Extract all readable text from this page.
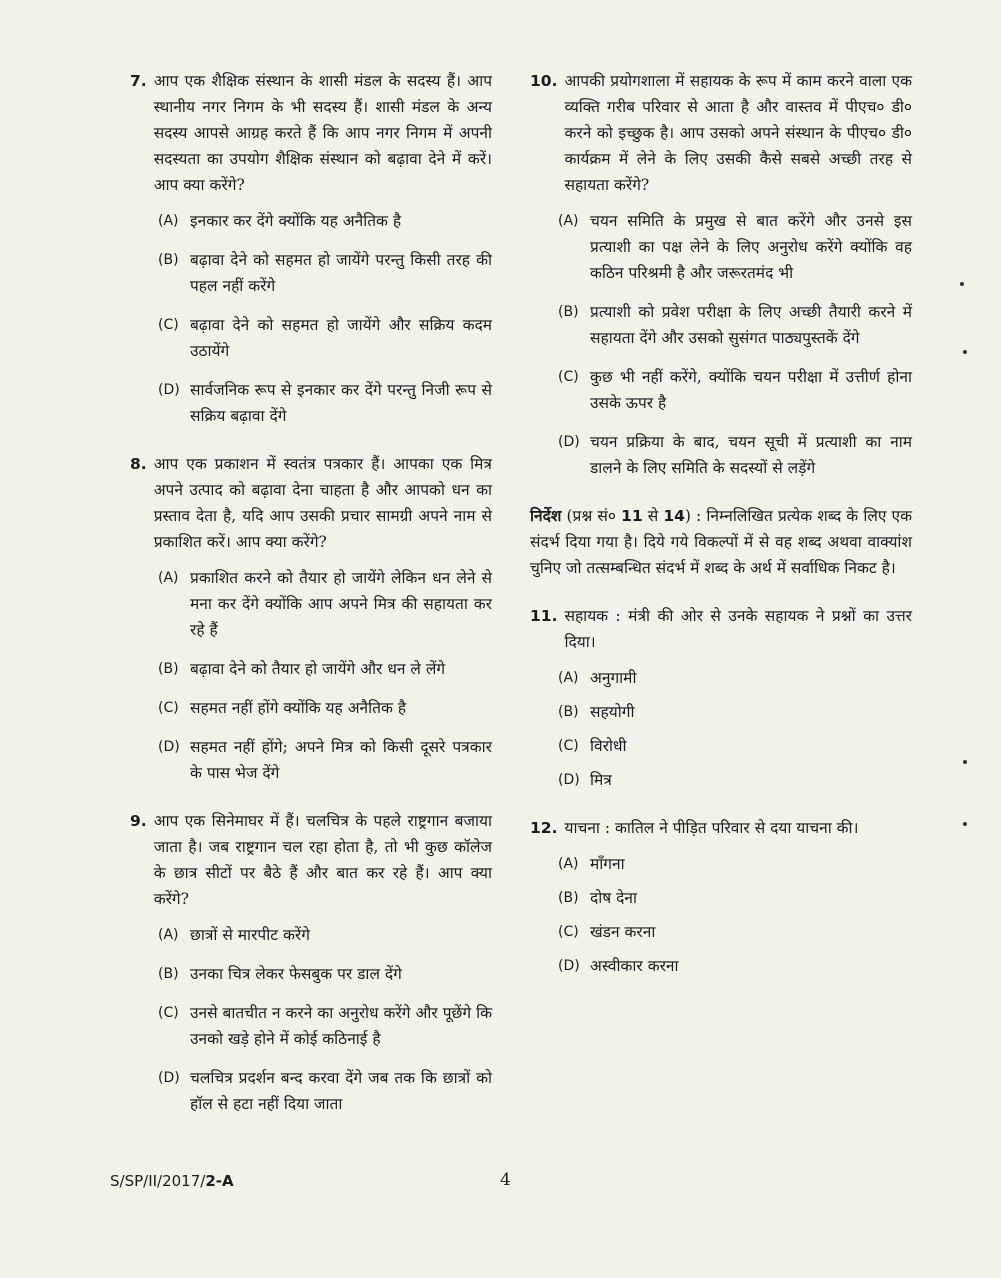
7. आप एक शैक्षिक संस्थान के शासी मंडल के सदस्य हैं। आप स्थानीय नगर निगम के भी सदस्य हैं। शासी मंडल के अन्य सदस्य आपसे आग्रह करते हैं कि आप नगर निगम में अपनी सदस्यता का उपयोग शैक्षिक संस्थान को बढ़ावा देने में करें। आप क्या करेंगे?
(A) इनकार कर देंगे क्योंकि यह अनैतिक है
(B) बढ़ावा देने को सहमत हो जायेंगे परन्तु किसी तरह की पहल नहीं करेंगे
(C) बढ़ावा देने को सहमत हो जायेंगे और सक्रिय कदम उठायेंगे
(D) सार्वजनिक रूप से इनकार कर देंगे परन्तु निजी रूप से सक्रिय बढ़ावा देंगे
8. आप एक प्रकाशन में स्वतंत्र पत्रकार हैं। आपका एक मित्र अपने उत्पाद को बढ़ावा देना चाहता है और आपको धन का प्रस्ताव देता है, यदि आप उसकी प्रचार सामग्री अपने नाम से प्रकाशित करें। आप क्या करेंगे?
(A) प्रकाशित करने को तैयार हो जायेंगे लेकिन धन लेने से मना कर देंगे क्योंकि आप अपने मित्र की सहायता कर रहे हैं
(B) बढ़ावा देने को तैयार हो जायेंगे और धन ले लेंगे
(C) सहमत नहीं होंगे क्योंकि यह अनैतिक है
(D) सहमत नहीं होंगे; अपने मित्र को किसी दूसरे पत्रकार के पास भेज देंगे
9. आप एक सिनेमाघर में हैं। चलचित्र के पहले राष्ट्रगान बजाया जाता है। जब राष्ट्रगान चल रहा होता है, तो भी कुछ कॉलेज के छात्र सीटों पर बैठे हैं और बात कर रहे हैं। आप क्या करेंगे?
(A) छात्रों से मारपीट करेंगे
(B) उनका चित्र लेकर फेसबुक पर डाल देंगे
(C) उनसे बातचीत न करने का अनुरोध करेंगे और पूछेंगे कि उनको खड़े होने में कोई कठिनाई है
(D) चलचित्र प्रदर्शन बन्द करवा देंगे जब तक कि छात्रों को हॉल से हटा नहीं दिया जाता
10. आपकी प्रयोगशाला में सहायक के रूप में काम करने वाला एक व्यक्ति गरीब परिवार से आता है और वास्तव में पीएच० डी० करने को इच्छुक है। आप उसको अपने संस्थान के पीएच० डी० कार्यक्रम में लेने के लिए उसकी कैसे सबसे अच्छी तरह से सहायता करेंगे?
(A) चयन समिति के प्रमुख से बात करेंगे और उनसे इस प्रत्याशी का पक्ष लेने के लिए अनुरोध करेंगे क्योंकि वह कठिन परिश्रमी है और जरूरतमंद भी
(B) प्रत्याशी को प्रवेश परीक्षा के लिए अच्छी तैयारी करने में सहायता देंगे और उसको सुसंगत पाठ्यपुस्तकें देंगे
(C) कुछ भी नहीं करेंगे, क्योंकि चयन परीक्षा में उत्तीर्ण होना उसके ऊपर है
(D) चयन प्रक्रिया के बाद, चयन सूची में प्रत्याशी का नाम डालने के लिए समिति के सदस्यों से लड़ेंगे
निर्देश (प्रश्न सं० 11 से 14) : निम्नलिखित प्रत्येक शब्द के लिए एक संदर्भ दिया गया है। दिये गये विकल्पों में से वह शब्द अथवा वाक्यांश चुनिए जो तत्सम्बन्धित संदर्भ में शब्द के अर्थ में सर्वाधिक निकट है।
11. सहायक : मंत्री की ओर से उनके सहायक ने प्रश्नों का उत्तर दिया।
(A) अनुगामी
(B) सहयोगी
(C) विरोधी
(D) मित्र
12. याचना : कातिल ने पीड़ित परिवार से दया याचना की।
(A) माँगना
(B) दोष देना
(C) खंडन करना
(D) अस्वीकार करना
S/SP/II/2017/2-A	4
